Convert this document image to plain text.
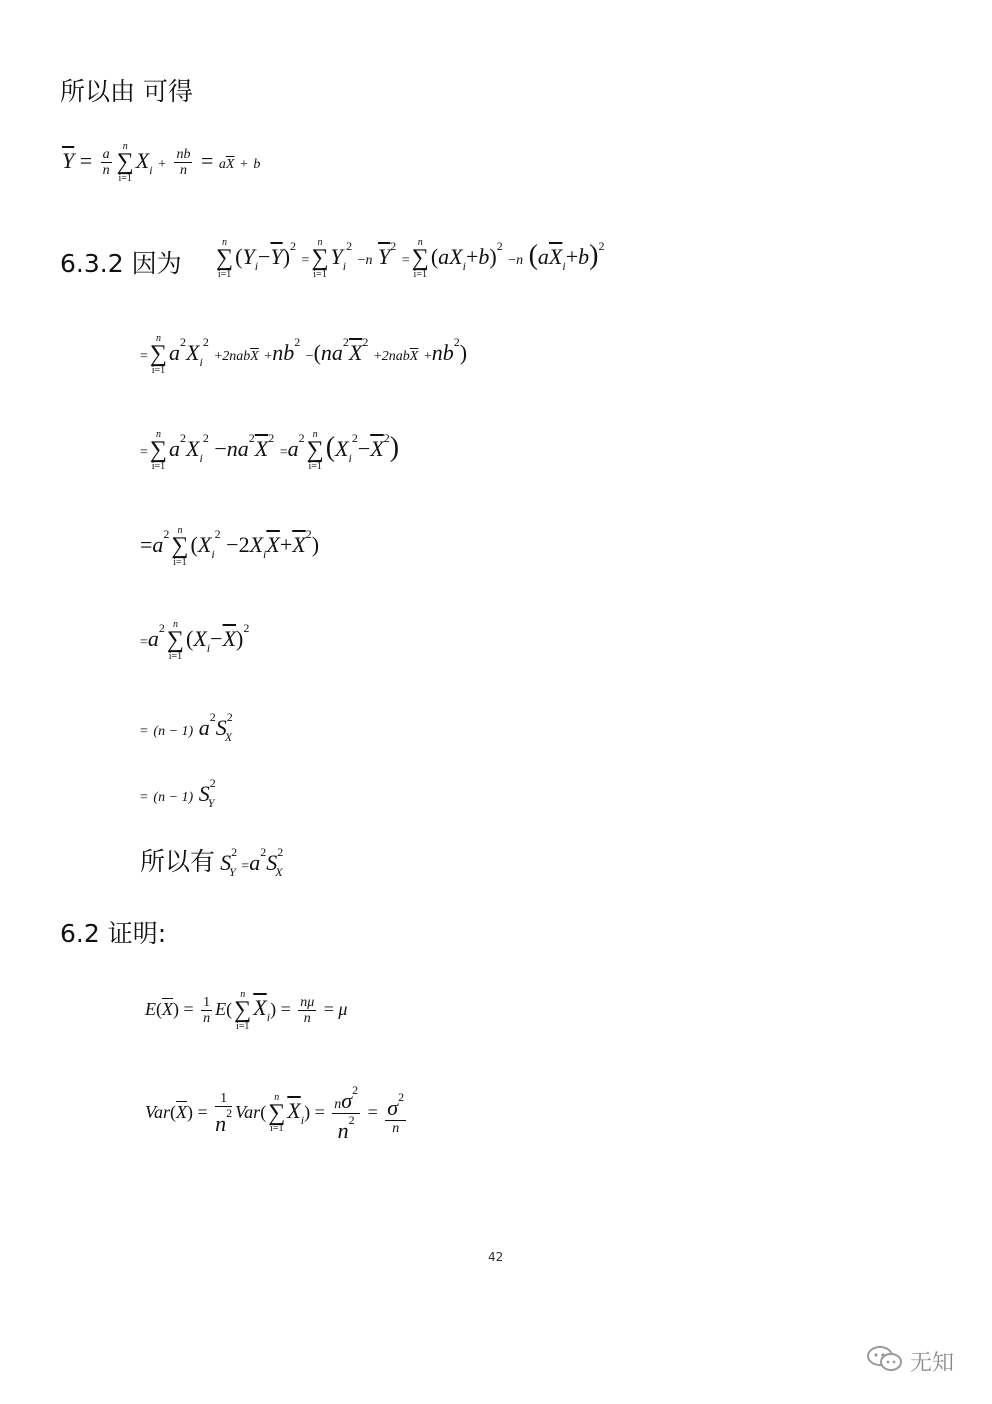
所以由 可得
$\overline{Y} = \frac{a}{n}$
n
∑
i=1
$X_i + \frac{nb}{n} = a\overline{X} + b$
6.3.2 因为
n
∑
i=1
$(Y_i-\overline{Y})^2$ =
n
∑
i=1
$Y_i^2 -n$ $\overline{Y}^2$ =
n
∑
i=1
$(aX_i+b)^2 -n$ $(a\overline{X}_i+b)^2$
=
n
∑
i=1
$a^2X_i^2 +2nab\overline{X} +nb^2 -(na^2\overline{X}^2 +2nab\overline{X} +nb^2)$
=
n
∑
i=1
$a^2X_i^2 -na^2\overline{X}^2 =a^2$ n
∑
i=1
$(X_i^2-\overline{X}^2)$
$=a^2$ n
∑
i=1
$(X_i^2 -2X_i\overline{X}+\overline{X}^2)$
$=a^2$ n
∑
i=1
$(X_i-\overline{X})^2$
= (n − 1) $a^2S^2_X$
= (n − 1) $S^2_Y$
所以有 $S^2_Y =a^2S^2_X$
6.2 证明:
$E(\overline{X}) = \frac{1}{n} E$(
n
∑
i=1
$\overline{X}_i) = \frac{n\mu}{n} = \mu$
$Var(\overline{X}) = \frac{1}{n^2} Var$(
n
∑
i=1
$\overline{X}_i) = \frac{n\sigma^2}{n^2} = \frac{\sigma^2}{n}$
42
无知
